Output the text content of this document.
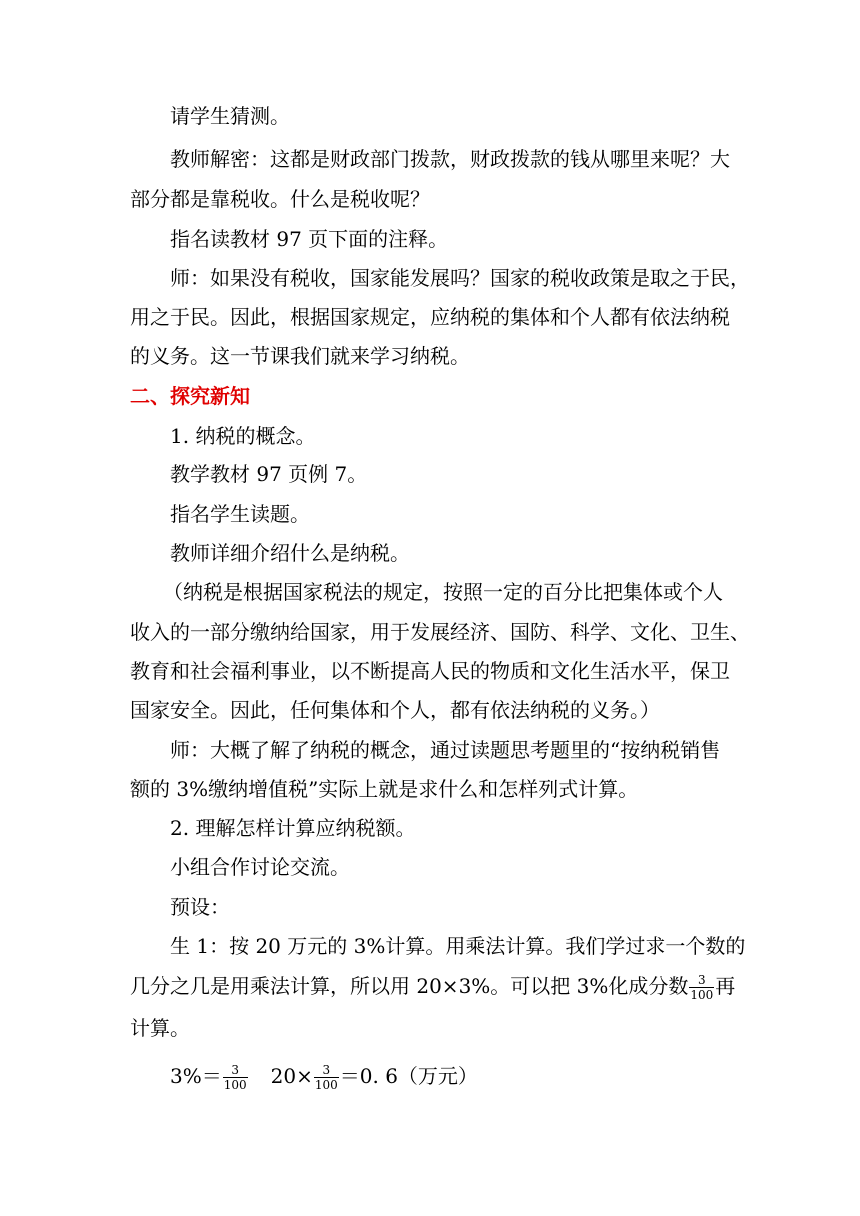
请学生猜测。
教师解密：这都是财政部门拨款，财政拨款的钱从哪里来呢？大
部分都是靠税收。什么是税收呢？
指名读教材 97 页下面的注释。
师：如果没有税收，国家能发展吗？国家的税收政策是取之于民，
用之于民。因此，根据国家规定，应纳税的集体和个人都有依法纳税
的义务。这一节课我们就来学习纳税。
二、探究新知
1. 纳税的概念。
教学教材 97 页例 7。
指名学生读题。
教师详细介绍什么是纳税。
（纳税是根据国家税法的规定，按照一定的百分比把集体或个人
收入的一部分缴纳给国家，用于发展经济、国防、科学、文化、卫生、
教育和社会福利事业，以不断提高人民的物质和文化生活水平，保卫
国家安全。因此，任何集体和个人，都有依法纳税的义务。）
师：大概了解了纳税的概念，通过读题思考题里的“按纳税销售
额的 3%缴纳增值税”实际上就是求什么和怎样列式计算。
2. 理解怎样计算应纳税额。
小组合作讨论交流。
预设：
生 1：按 20 万元的 3%计算。用乘法计算。我们学过求一个数的
几分之几是用乘法计算，所以用 20×3%。可以把 3%化成分数 $\frac{3}{100}$ 再
计算。
$3\%= \frac{3}{100} 20\times \frac{3}{100} =0$. 6（万元）
